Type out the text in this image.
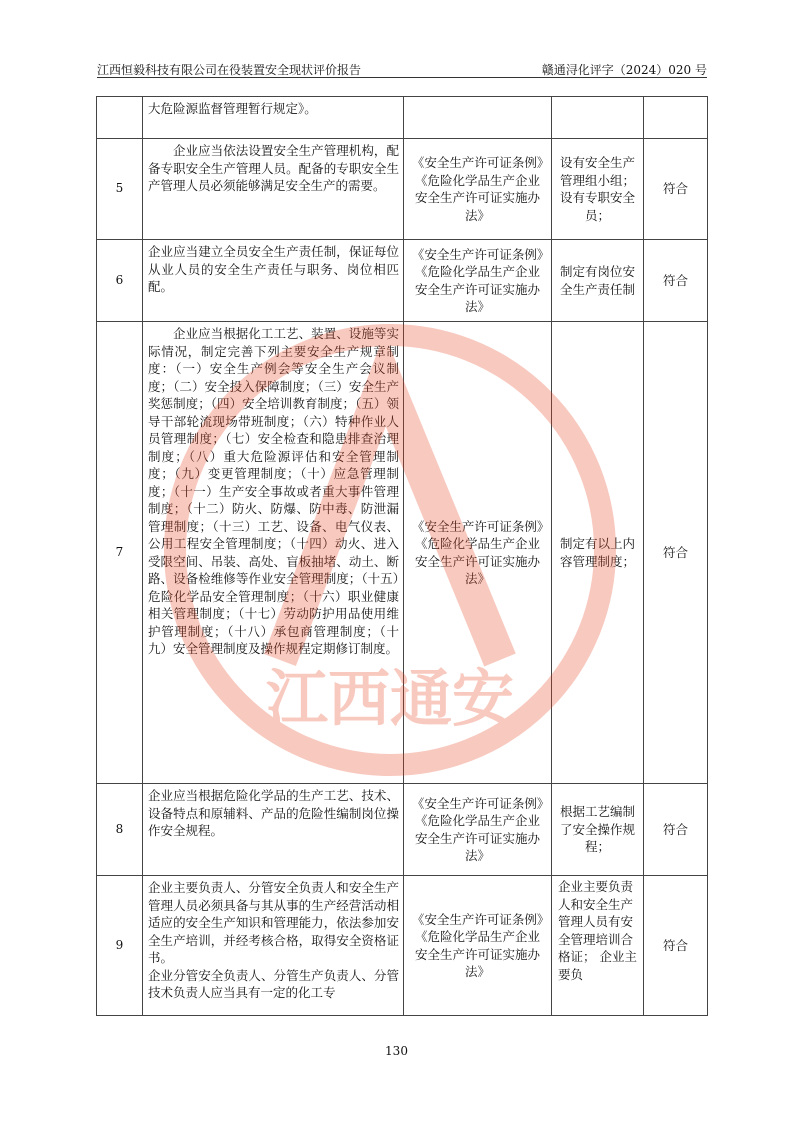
江西恒毅科技有限公司在役装置安全现状评价报告	赣通浔化评字（2024）020 号
	大危险源监督管理暂行规定》。			
5	企业应当依法设置安全生产管理机构，配备专职安全生产管理人员。配备的专职安全生产管理人员必须能够满足安全生产的需要。	《安全生产许可证条例》《危险化学品生产企业安全生产许可证实施办法》	设有安全生产管理组小组；设有专职安全员；	符合
6	企业应当建立全员安全生产责任制，保证每位从业人员的安全生产责任与职务、岗位相匹配。	《安全生产许可证条例》《危险化学品生产企业安全生产许可证实施办法》	制定有岗位安全生产责任制	符合
7	企业应当根据化工工艺、装置、设施等实际情况，制定完善下列主要安全生产规章制度：（一）安全生产例会等安全生产会议制度；（二）安全投入保障制度；（三）安全生产奖惩制度；（四）安全培训教育制度；（五）领导干部轮流现场带班制度；（六）特种作业人员管理制度；（七）安全检查和隐患排查治理制度；（八）重大危险源评估和安全管理制度；（九）变更管理制度；（十）应急管理制度；（十一）生产安全事故或者重大事件管理制度；（十二）防火、防爆、防中毒、防泄漏管理制度；（十三）工艺、设备、电气仪表、公用工程安全管理制度；（十四）动火、进入受限空间、吊装、高处、盲板抽堵、动土、断路、设备检维修等作业安全管理制度；（十五）危险化学品安全管理制度；（十六）职业健康相关管理制度；（十七）劳动防护用品使用维护管理制度；（十八）承包商管理制度；（十九）安全管理制度及操作规程定期修订制度。	《安全生产许可证条例》《危险化学品生产企业安全生产许可证实施办法》	制定有以上内容管理制度；	符合
8	企业应当根据危险化学品的生产工艺、技术、设备特点和原辅料、产品的危险性编制岗位操作安全规程。	《安全生产许可证条例》《危险化学品生产企业安全生产许可证实施办法》	根据工艺编制了安全操作规程；	符合
9	企业主要负责人、分管安全负责人和安全生产管理人员必须具备与其从事的生产经营活动相适应的安全生产知识和管理能力，依法参加安全生产培训，并经考核合格，取得安全资格证书。
企业分管安全负责人、分管生产负责人、分管技术负责人应当具有一定的化工专	《安全生产许可证条例》《危险化学品生产企业安全生产许可证实施办法》	企业主要负责人和安全生产管理人员有安全管理培训合格证； 企业主要负	符合
江西通安
130
